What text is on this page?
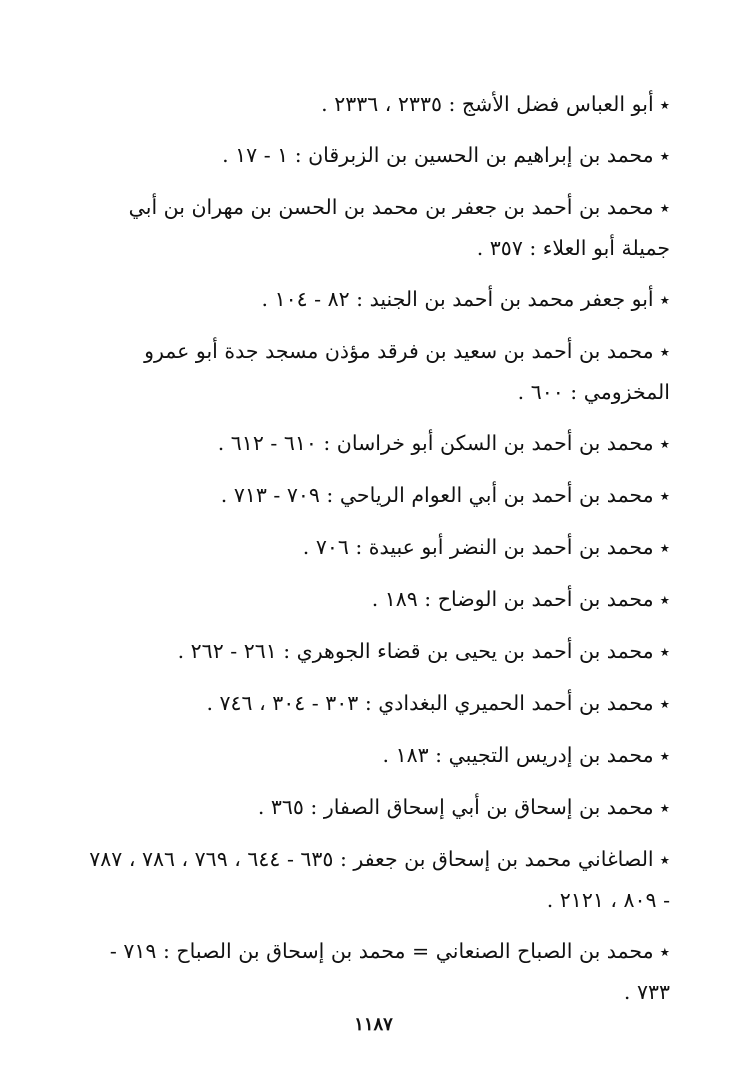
٭أبو العباس فضل الأشج : ٢٣٣٥ ، ٢٣٣٦ .

٭محمد بن إبراهيم بن الحسين بن الزبرقان : ١ - ١٧ .

٭محمد بن أحمد بن جعفر بن محمد بن الحسن بن مهران بن أبي جميلة أبو العلاء : ٣٥٧ .

٭أبو جعفر محمد بن أحمد بن الجنيد : ٨٢ - ١٠٤ .

٭محمد بن أحمد بن سعيد بن فرقد مؤذن مسجد جدة أبو عمرو المخزومي : ٦٠٠ .

٭محمد بن أحمد بن السكن أبو خراسان : ٦١٠ - ٦١٢ .

٭محمد بن أحمد بن أبي العوام الرياحي : ٧٠٩ - ٧١٣ .

٭محمد بن أحمد بن النضر أبو عبيدة : ٧٠٦ .

٭محمد بن أحمد بن الوضاح : ١٨٩ .

٭محمد بن أحمد بن يحيى بن قضاء الجوهري : ٢٦١ - ٢٦٢ .

٭محمد بن أحمد الحميري البغدادي : ٣٠٣ - ٣٠٤ ، ٧٤٦ .

٭محمد بن إدريس التجيبي : ١٨٣ .

٭محمد بن إسحاق بن أبي إسحاق الصفار : ٣٦٥ .

٭الصاغاني محمد بن إسحاق بن جعفر : ٦٣٥ - ٦٤٤ ، ٧٦٩ ، ٧٨٦ ، ٧٨٧ - ٨٠٩ ، ٢١٢١ .

٭محمد بن الصباح الصنعاني = محمد بن إسحاق بن الصباح : ٧١٩ - ٧٣٣ .

١١٨٧
